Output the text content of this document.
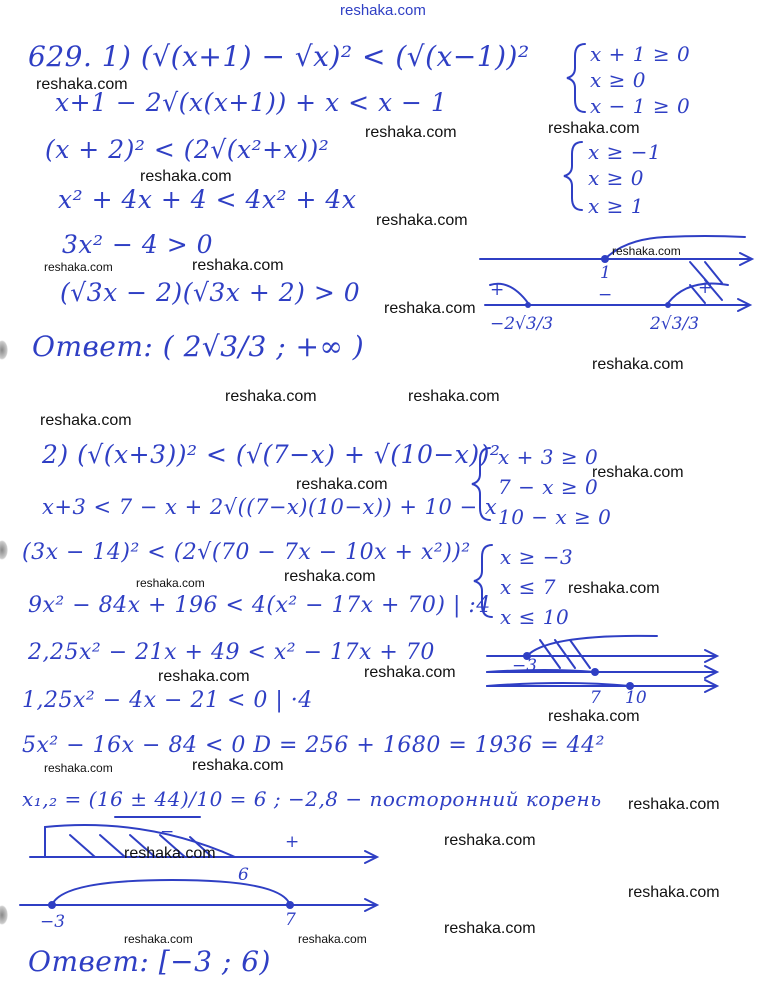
reshaka.com
629. 1) (√(x+1) − √x)² < (√(x−1))²
x+1 − 2√(x(x+1)) + x < x − 1
(x + 2)² < (2√(x²+x))²
x² + 4x + 4 < 4x² + 4x
3x² − 4 > 0
(√3x − 2)(√3x + 2) > 0
Ответ: ( 2√3/3 ; +∞ )
x + 1 ≥ 0
x ≥ 0
x − 1 ≥ 0
x ≥ −1
x ≥ 0
x ≥ 1
1
+	−	+
−2√3/3	2√3/3
2) (√(x+3))² < (√(7−x) + √(10−x))²
x+3 < 7 − x + 2√((7−x)(10−x)) + 10 − x
(3x − 14)² < (2√(70 − 7x − 10x + x²))²
9x² − 84x + 196 < 4(x² − 17x + 70) | :4
2,25x² − 21x + 49 < x² − 17x + 70
1,25x² − 4x − 21 < 0 | ·4
5x² − 16x − 84 < 0 D = 256 + 1680 = 1936 = 44²
x₁,₂ = (16 ± 44)/10 = 6 ; −2,8 − посторонний корень
Ответ: [−3 ; 6)
x + 3 ≥ 0
7 − x ≥ 0
10 − x ≥ 0
x ≥ −3
x ≤ 7
x ≤ 10
−3
7 10
−	+
6
−3	7
reshaka.com
reshaka.com	reshaka.com
reshaka.com
reshaka.com
reshaka.com	reshaka.com
reshaka.com
reshaka.com
reshaka.com
reshaka.com	reshaka.com
reshaka.com
reshaka.com
reshaka.com
reshaka.com	reshaka.com
reshaka.com
reshaka.com	reshaka.com
reshaka.com
reshaka.com	reshaka.com
reshaka.com
reshaka.com
reshaka.com
reshaka.com
reshaka.com
reshaka.com	reshaka.com
